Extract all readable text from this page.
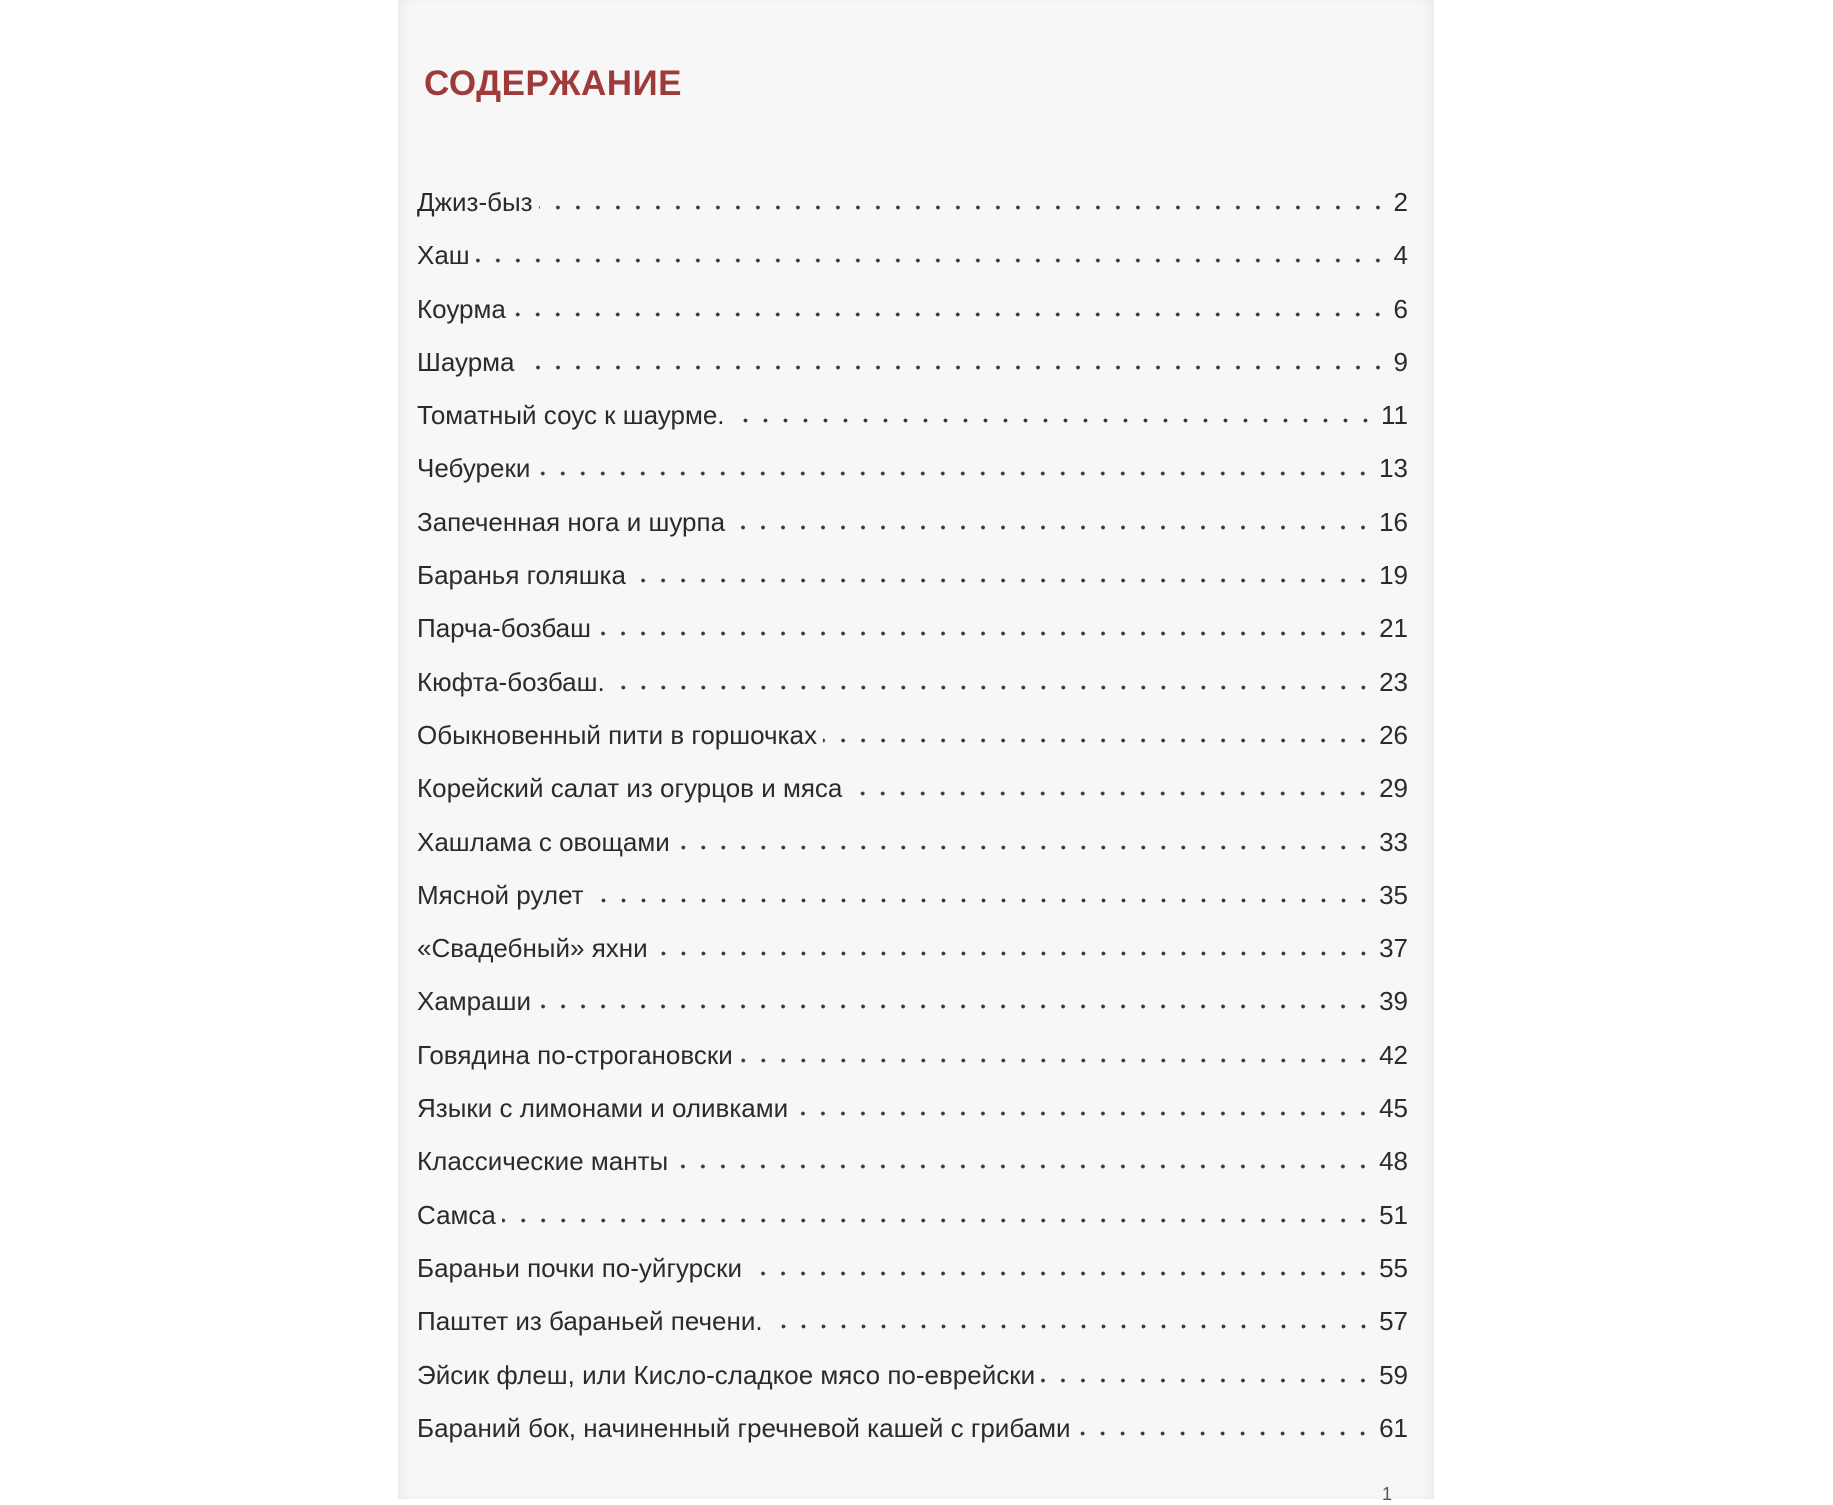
СОДЕРЖАНИЕ
Джиз-быз	2
Хаш	4
Коурма	6
Шаурма	9
Томатный соус к шаурме.	11
Чебуреки	13
Запеченная нога и шурпа	16
Баранья голяшка	19
Парча-бозбаш	21
Кюфта-бозбаш.	23
Обыкновенный пити в горшочках	26
Корейский салат из огурцов и мяса	29
Хашлама с овощами	33
Мясной рулет	35
«Свадебный» яхни	37
Хамраши	39
Говядина по-строгановски	42
Языки с лимонами и оливками	45
Классические манты	48
Самса	51
Бараньи почки по-уйгурски	55
Паштет из бараньей печени.	57
Эйсик флеш, или Кисло-сладкое мясо по-еврейски	59
Бараний бок, начиненный гречневой кашей с грибами	61
1
